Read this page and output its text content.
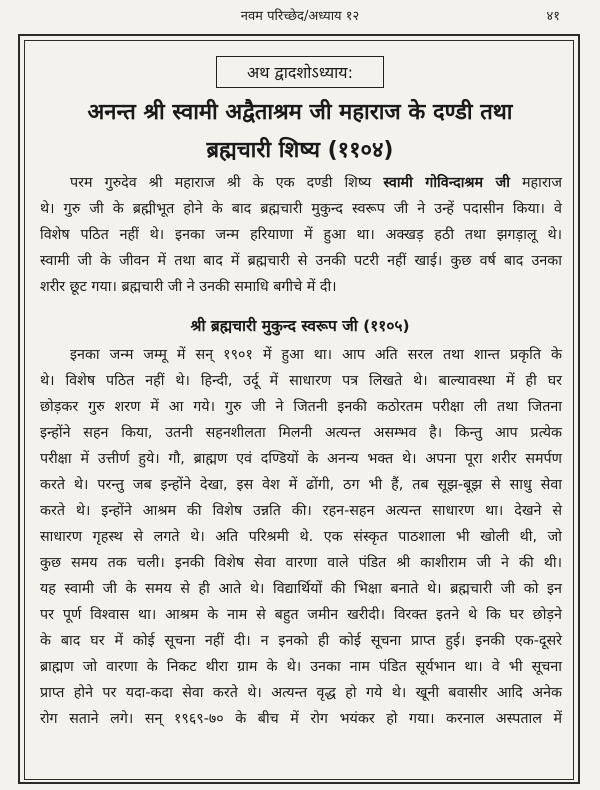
नवम परिच्छेद/अध्याय १२	४१
अथ द्वादशोऽध्याय:
अनन्त श्री स्वामी अद्वैताश्रम जी महाराज के दण्डी तथा
ब्रह्मचारी शिष्य (११०४)
परम गुरुदेव श्री महाराज श्री के एक दण्डी शिष्य स्वामी गोविन्दाश्रम जी महाराज
थे। गुरु जी के ब्रह्मीभूत होने के बाद ब्रह्मचारी मुकुन्द स्वरूप जी ने उन्हें पदासीन किया। वे
विशेष पठित नहीं थे। इनका जन्म हरियाणा में हुआ था। अक्खड़ हठी तथा झगड़ालू थे।
स्वामी जी के जीवन में तथा बाद में ब्रह्मचारी से उनकी पटरी नहीं खाई। कुछ वर्ष बाद उनका
शरीर छूट गया। ब्रह्मचारी जी ने उनकी समाधि बगीचे में दी।
श्री ब्रह्मचारी मुकुन्द स्वरूप जी (११०५)
इनका जन्म जम्मू में सन् १९०१ में हुआ था। आप अति सरल तथा शान्त प्रकृति के
थे। विशेष पठित नहीं थे। हिन्दी, उर्दू में साधारण पत्र लिखते थे। बाल्यावस्था में ही घर
छोड़कर गुरु शरण में आ गये। गुरु जी ने जितनी इनकी कठोरतम परीक्षा ली तथा जितना
इन्होंने सहन किया, उतनी सहनशीलता मिलनी अत्यन्त असम्भव है। किन्तु आप प्रत्येक
परीक्षा में उत्तीर्ण हुये। गौ, ब्राह्मण एवं दण्डियों के अनन्य भक्त थे। अपना पूरा शरीर समर्पण
करते थे। परन्तु जब इन्होंने देखा, इस वेश में ढोंगी, ठग भी हैं, तब सूझ-बूझ से साधु सेवा
करते थे। इन्होंने आश्रम की विशेष उन्नति की। रहन-सहन अत्यन्त साधारण था। देखने से
साधारण गृहस्थ से लगते थे। अति परिश्रमी थे. एक संस्कृत पाठशाला भी खोली थी, जो
कुछ समय तक चली। इनकी विशेष सेवा वारणा वाले पंडित श्री काशीराम जी ने की थी।
यह स्वामी जी के समय से ही आते थे। विद्यार्थियों की भिक्षा बनाते थे। ब्रह्मचारी जी को इन
पर पूर्ण विश्वास था। आश्रम के नाम से बहुत जमीन खरीदी। विरक्त इतने थे कि घर छोड़ने
के बाद घर में कोई सूचना नहीं दी। न इनको ही कोई सूचना प्राप्त हुई। इनकी एक-दूसरे
ब्राह्मण जो वारणा के निकट थीरा ग्राम के थे। उनका नाम पंडित सूर्यभान था। वे भी सूचना
प्राप्त होने पर यदा-कदा सेवा करते थे। अत्यन्त वृद्ध हो गये थे। खूनी बवासीर आदि अनेक
रोग सताने लगे। सन् १९६९-७० के बीच में रोग भयंकर हो गया। करनाल अस्पताल में
